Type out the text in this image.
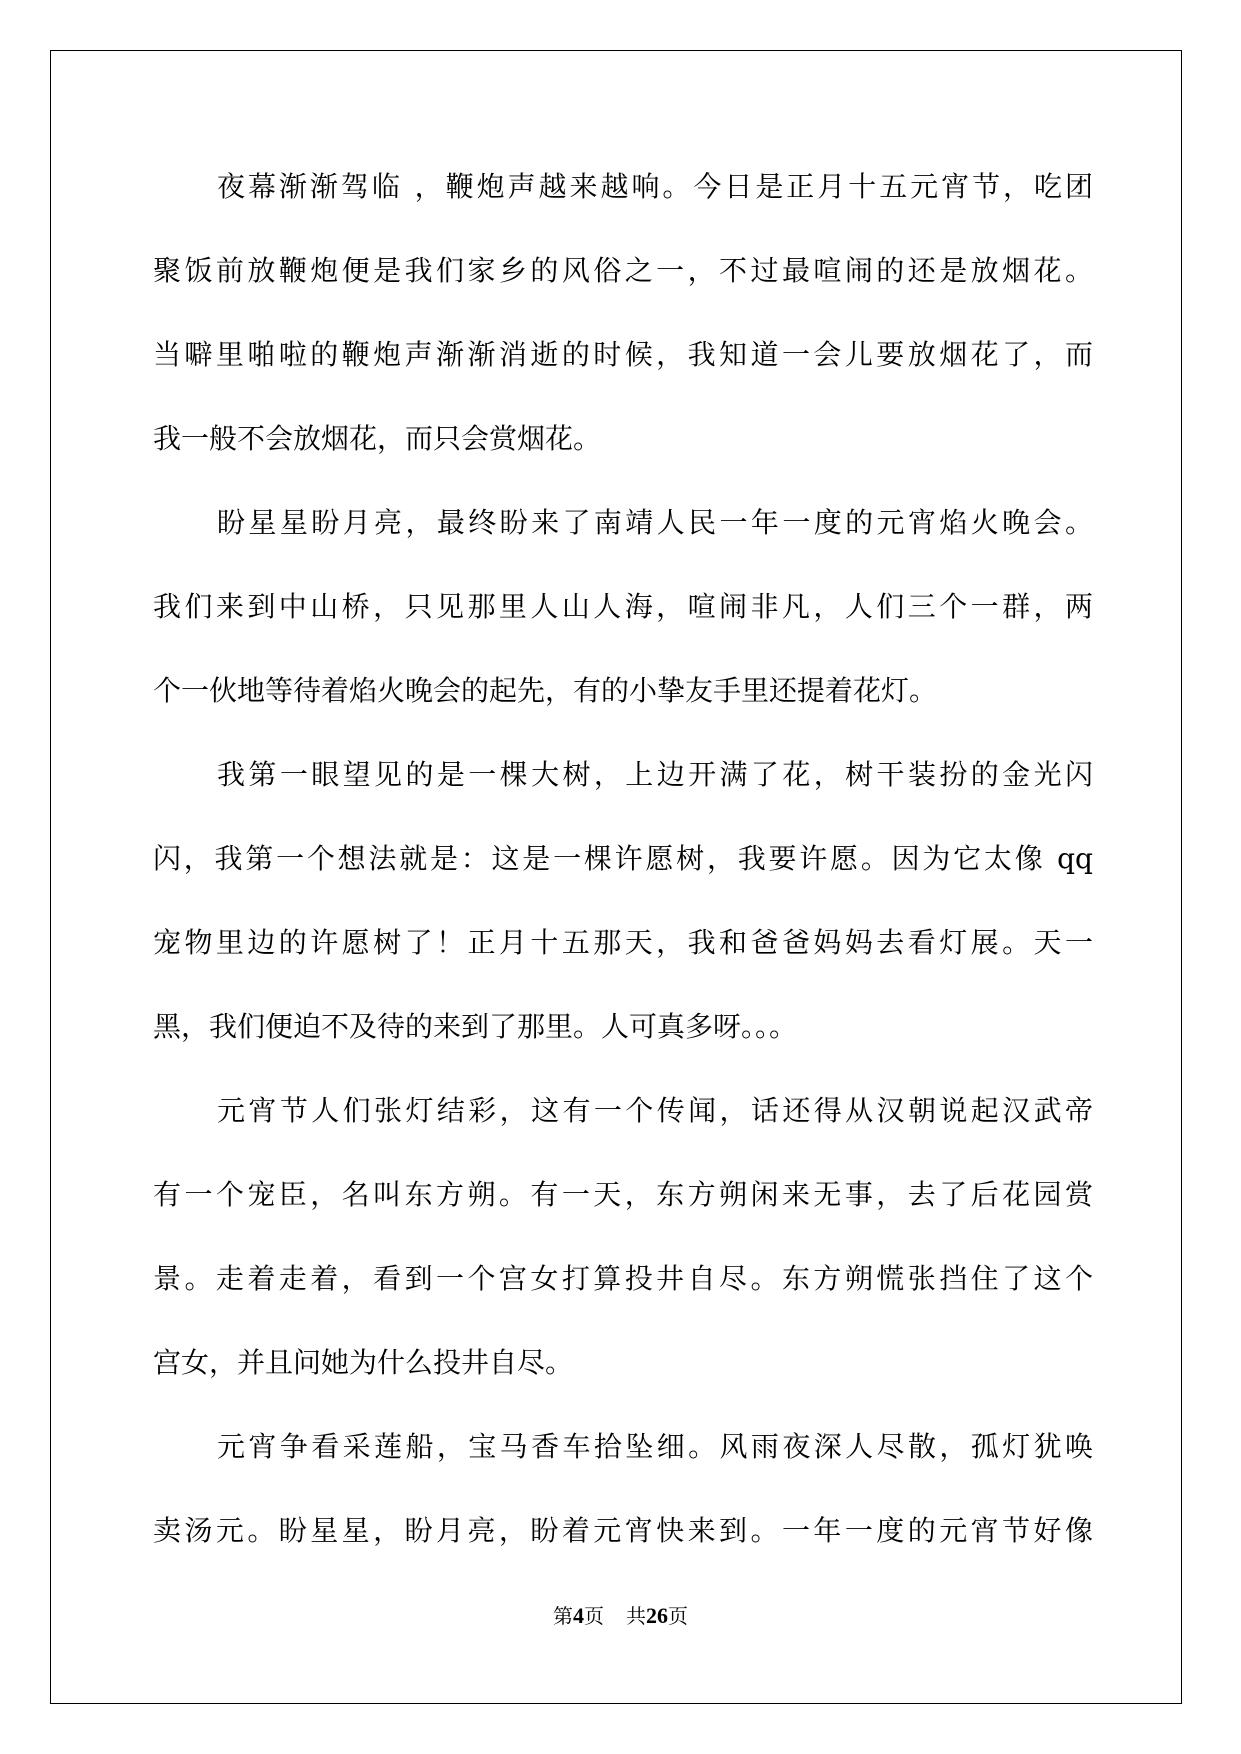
夜幕渐渐驾临 ，鞭炮声越来越响。今日是正月十五元宵节，吃团
聚饭前放鞭炮便是我们家乡的风俗之一，不过最喧闹的还是放烟花。
当噼里啪啦的鞭炮声渐渐消逝的时候，我知道一会儿要放烟花了，而
我一般不会放烟花，而只会赏烟花。
盼星星盼月亮，最终盼来了南靖人民一年一度的元宵焰火晚会。
我们来到中山桥，只见那里人山人海，喧闹非凡，人们三个一群，两
个一伙地等待着焰火晚会的起先，有的小挚友手里还提着花灯。
我第一眼望见的是一棵大树，上边开满了花，树干装扮的金光闪
闪，我第一个想法就是：这是一棵许愿树，我要许愿。因为它太像 qq
宠物里边的许愿树了！正月十五那天，我和爸爸妈妈去看灯展。天一
黑，我们便迫不及待的来到了那里。人可真多呀。。。
元宵节人们张灯结彩，这有一个传闻，话还得从汉朝说起汉武帝
有一个宠臣，名叫东方朔。有一天，东方朔闲来无事，去了后花园赏
景。走着走着，看到一个宫女打算投井自尽。东方朔慌张挡住了这个
宫女，并且问她为什么投井自尽。
元宵争看采莲船，宝马香车拾坠细。风雨夜深人尽散，孤灯犹唤
卖汤元。盼星星，盼月亮，盼着元宵快来到。一年一度的元宵节好像
第4页 共26页
